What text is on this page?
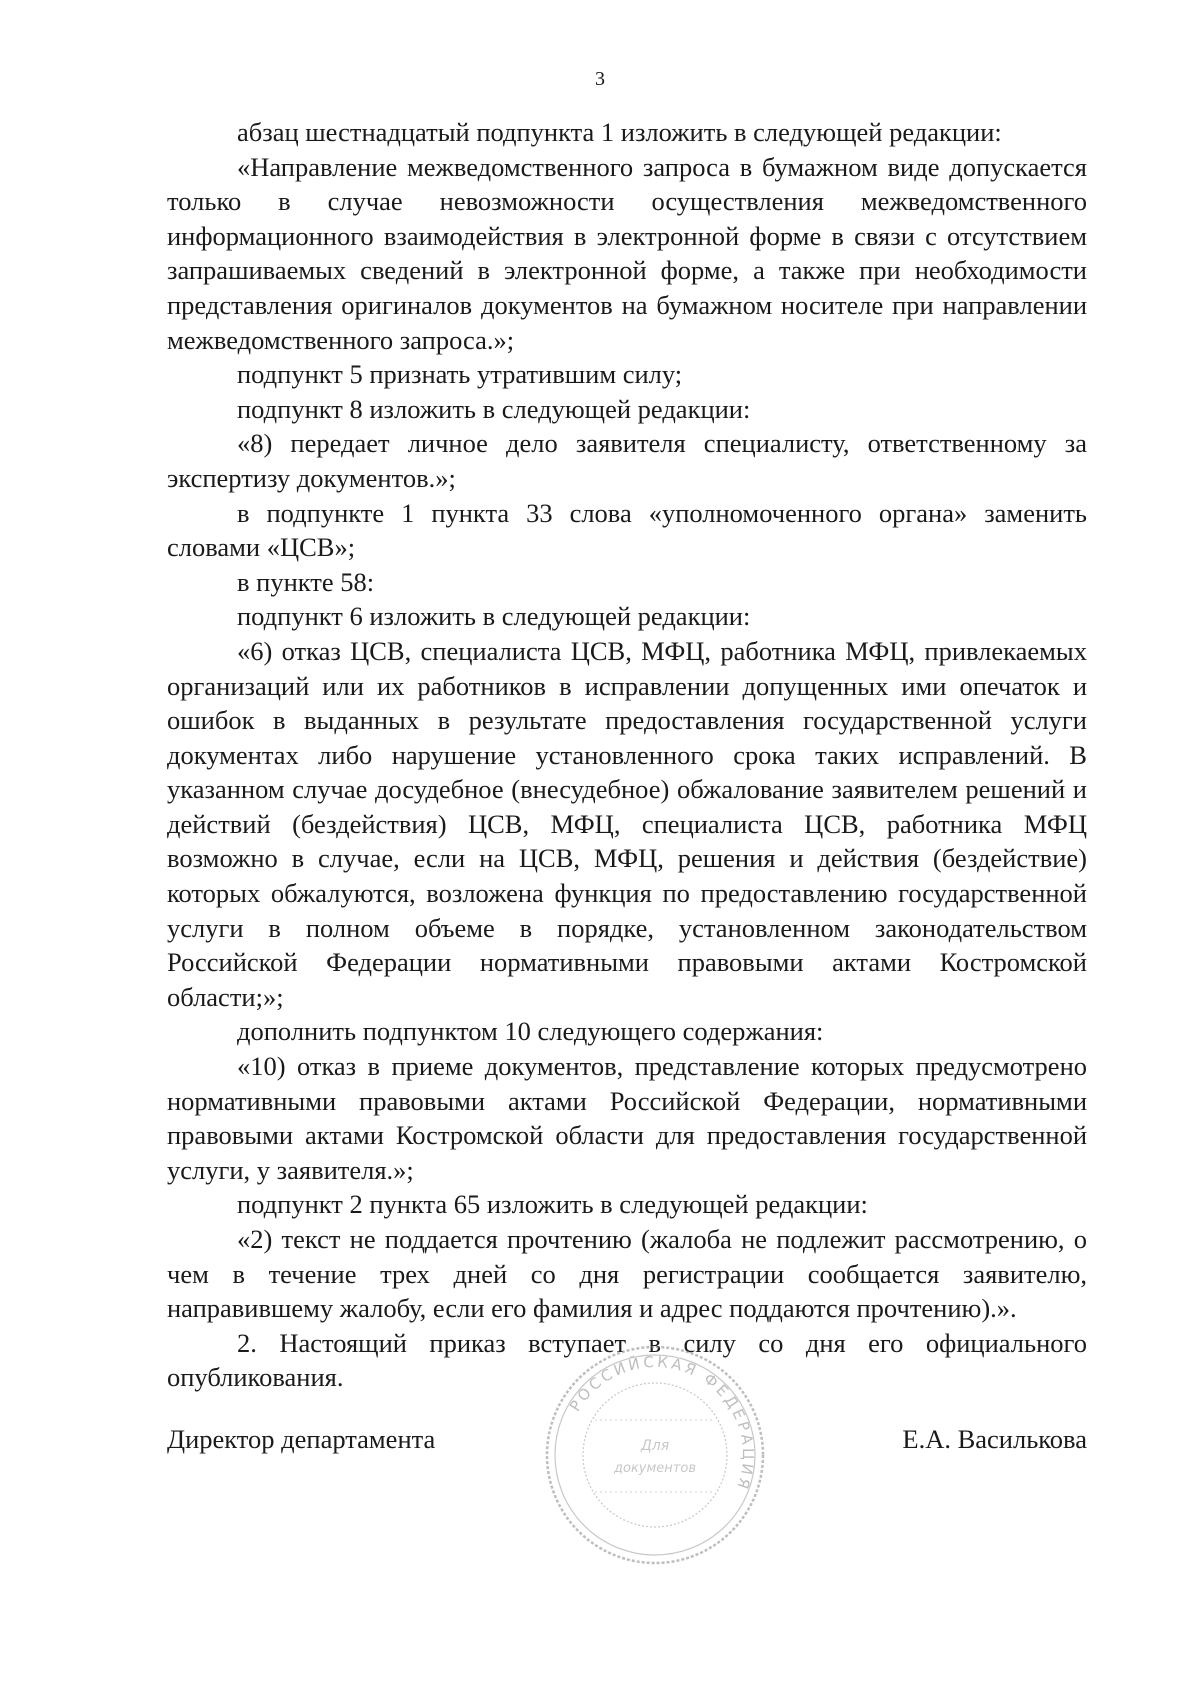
3

абзац шестнадцатый подпункта 1 изложить в следующей редакции:

«Направление межведомственного запроса в бумажном виде допускается только в случае невозможности осуществления межведомственного информационного взаимодействия в электронной форме в связи с отсутствием запрашиваемых сведений в электронной форме, а также при необходимости представления оригиналов документов на бумажном носителе при направлении межведомственного запроса.»;

подпункт 5 признать утратившим силу;

подпункт 8 изложить в следующей редакции:

«8) передает личное дело заявителя специалисту, ответственному за экспертизу документов.»;

в подпункте 1 пункта 33 слова «уполномоченного органа» заменить словами «ЦСВ»;

в пункте 58:

подпункт 6 изложить в следующей редакции:

«6) отказ ЦСВ, специалиста ЦСВ, МФЦ, работника МФЦ, привлекаемых организаций или их работников в исправлении допущенных ими опечаток и ошибок в выданных в результате предоставления государственной услуги документах либо нарушение установленного срока таких исправлений. В указанном случае досудебное (внесудебное) обжалование заявителем решений и действий (бездействия) ЦСВ, МФЦ, специалиста ЦСВ, работника МФЦ возможно в случае, если на ЦСВ, МФЦ, решения и действия (бездействие) которых обжалуются, возложена функция по предоставлению государственной услуги в полном объеме в порядке, установленном законодательством Российской Федерации нормативными правовыми актами Костромской области;»;

дополнить подпунктом 10 следующего содержания:

«10) отказ в приеме документов, представление которых предусмотрено нормативными правовыми актами Российской Федерации, нормативными правовыми актами Костромской области для предоставления государственной услуги, у заявителя.»;

подпункт 2 пункта 65 изложить в следующей редакции:

«2) текст не поддается прочтению (жалоба не подлежит рассмотрению, о чем в течение трех дней со дня регистрации сообщается заявителю, направившему жалобу, если его фамилия и адрес поддаются прочтению).».

2. Настоящий приказ вступает в силу со дня его официального опубликования.

Директор департамента	Е.А. Василькова
РОССИЙСКАЯ ФЕДЕРАЦИЯ
Для
документов
